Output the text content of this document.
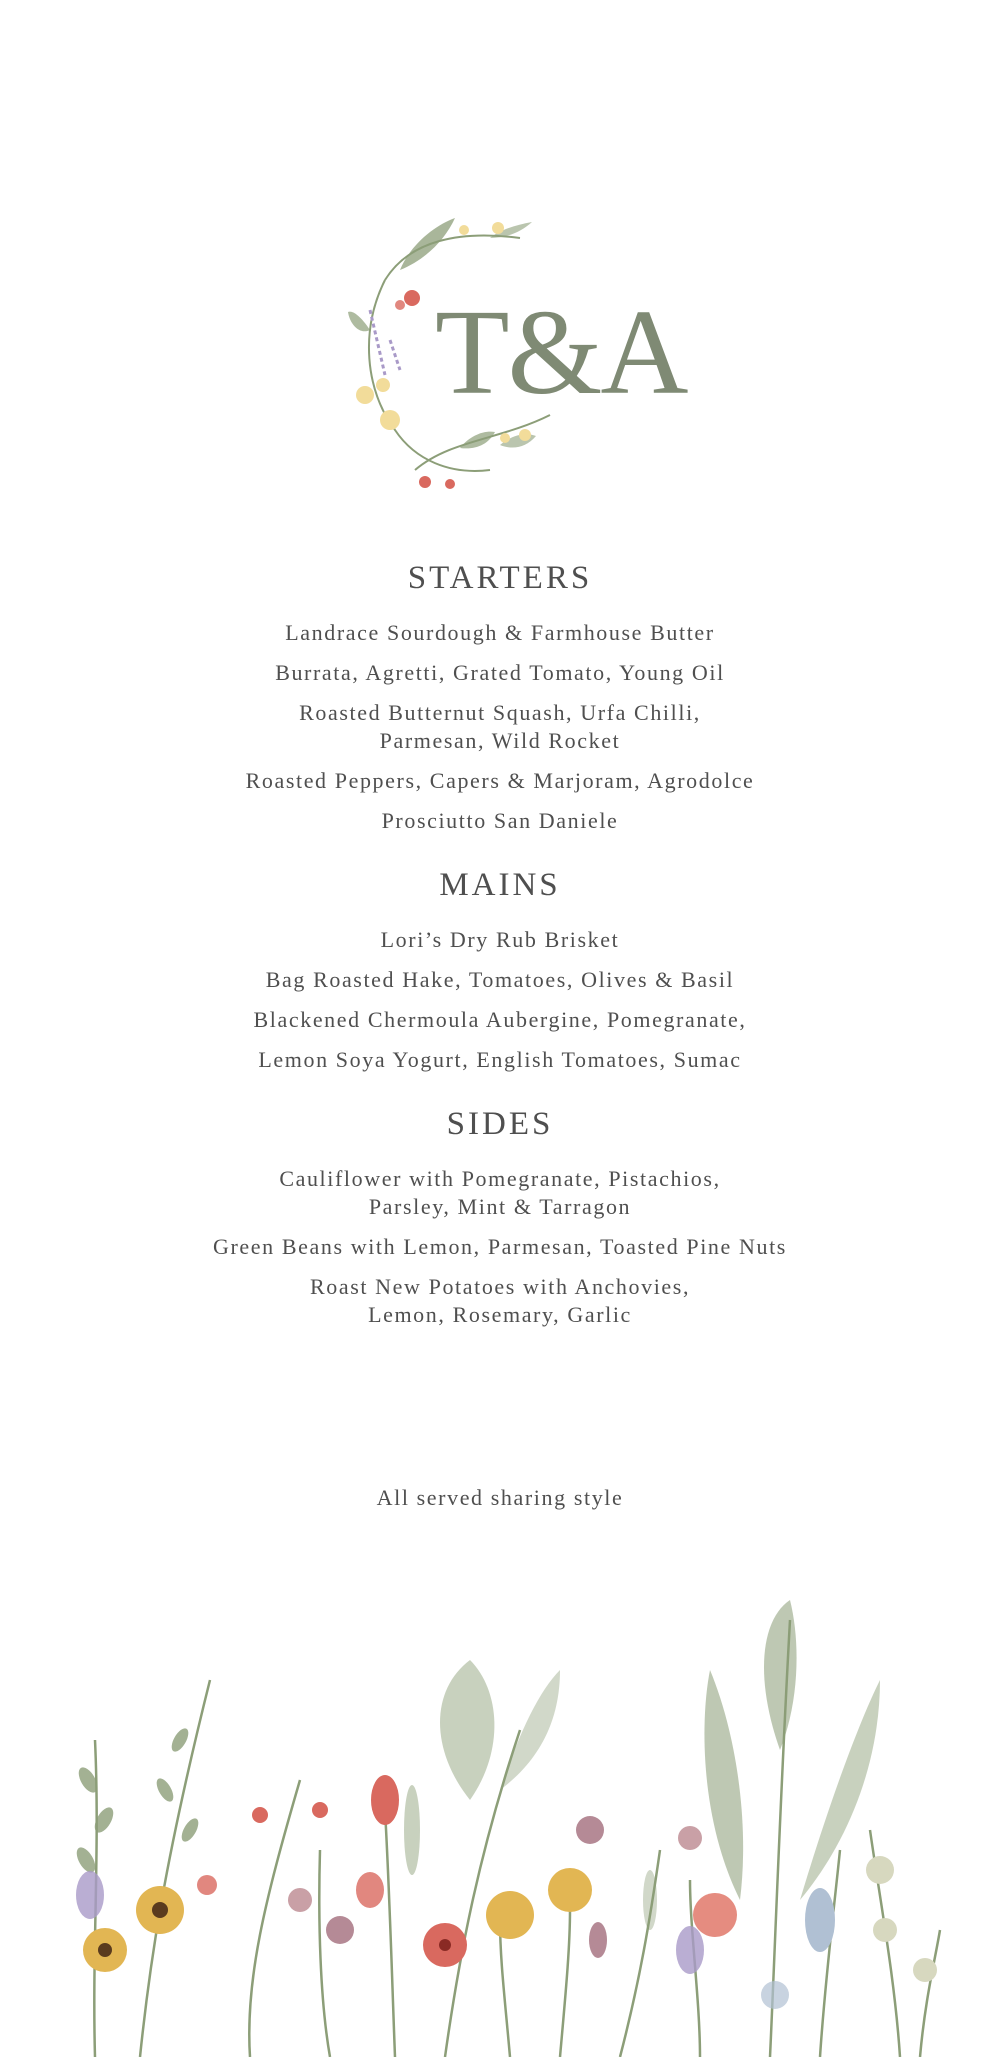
T&A
STARTERS
Landrace Sourdough & Farmhouse Butter
Burrata, Agretti, Grated Tomato, Young Oil
Roasted Butternut Squash, Urfa Chilli,
Parmesan, Wild Rocket
Roasted Peppers, Capers & Marjoram, Agrodolce
Prosciutto San Daniele
MAINS
Lori’s Dry Rub Brisket
Bag Roasted Hake, Tomatoes, Olives & Basil
Blackened Chermoula Aubergine, Pomegranate,
Lemon Soya Yogurt, English Tomatoes, Sumac
SIDES
Cauliflower with Pomegranate, Pistachios,
Parsley, Mint & Tarragon
Green Beans with Lemon, Parmesan, Toasted Pine Nuts
Roast New Potatoes with Anchovies,
Lemon, Rosemary, Garlic
All served sharing style
